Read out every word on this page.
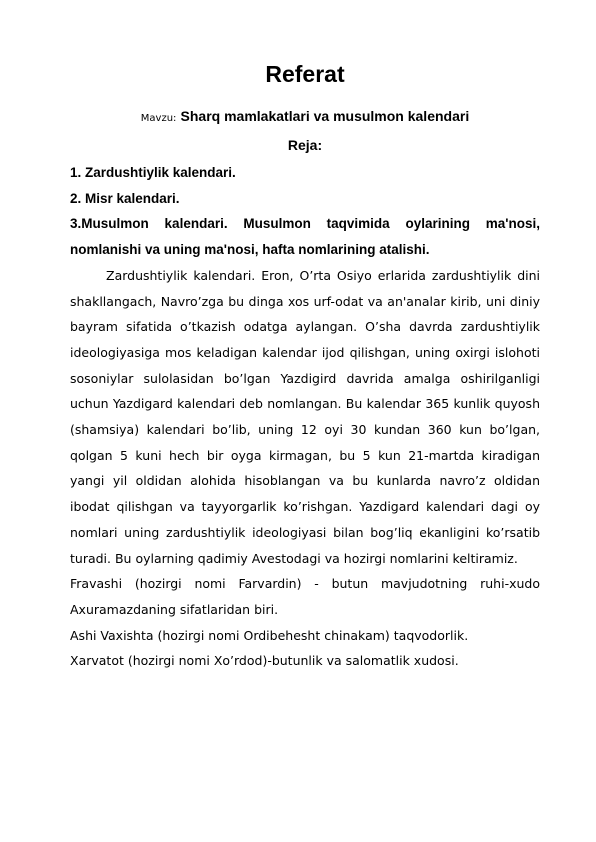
Referat
Mavzu: Sharq mamlakatlari va musulmon kalendari
Reja:

1. Zardushtiylik kalendari.

2. Misr kalendari.

3.Musulmon kalendari. Musulmon taqvimida oylarining ma'nosi, nomlanishi va uning ma'nosi, hafta nomlarining atalishi.

Zardushtiylik kalendari. Eron, O’rta Osiyo erlarida zardushtiylik dini shakllangach, Navro’zga bu dinga xos urf-odat va an'analar kirib, uni diniy bayram sifatida o’tkazish odatga aylangan. O’sha davrda zardushtiylik ideologiyasiga mos keladigan kalendar ijod qilishgan, uning oxirgi islohoti sosoniylar sulolasidan bo’lgan Yazdigird davrida amalga oshirilganligi uchun Yazdigard kalendari deb nomlangan. Bu kalendar 365 kunlik quyosh (shamsiya) kalendari bo’lib, uning 12 oyi 30 kundan 360 kun bo’lgan, qolgan 5 kuni hech bir oyga kirmagan, bu 5 kun 21-martda kiradigan yangi yil oldidan alohida hisoblangan va bu kunlarda navro’z oldidan ibodat qilishgan va tayyorgarlik ko’rishgan. Yazdigard kalendari dagi oy nomlari uning zardushtiylik ideologiyasi bilan bog’liq ekanligini ko’rsatib turadi. Bu oylarning qadimiy Avestodagi va hozirgi nomlarini keltiramiz.

Fravashi (hozirgi nomi Farvardin) - butun mavjudotning ruhi-xudo Axuramazdaning sifatlaridan biri.

Ashi Vaxishta (hozirgi nomi Ordibehesht chinakam) taqvodorlik.

Xarvatot (hozirgi nomi Xo’rdod)-butunlik va salomatlik xudosi.
